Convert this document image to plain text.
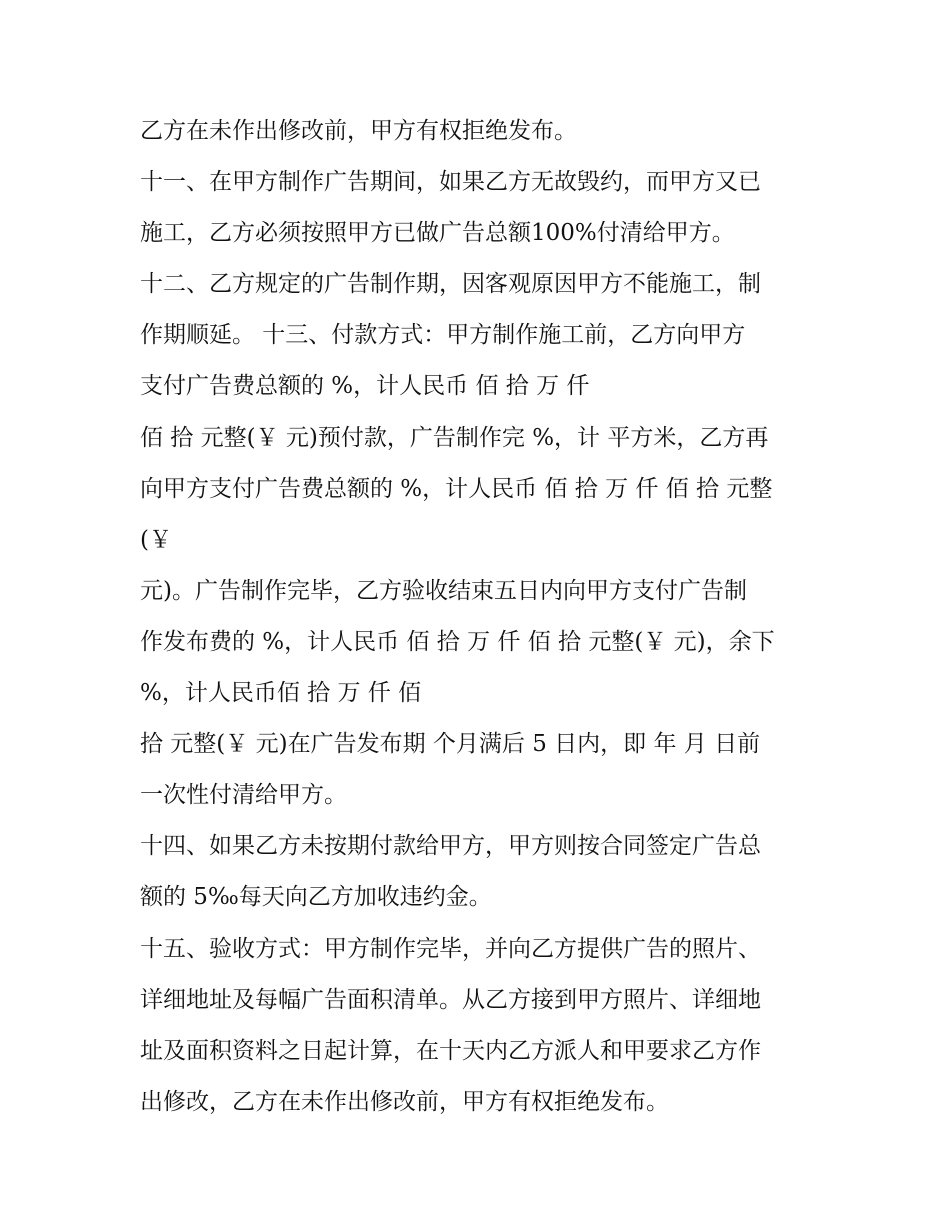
乙方在未作出修改前，甲方有权拒绝发布。
十一、在甲方制作广告期间，如果乙方无故毁约，而甲方又已
施工，乙方必须按照甲方已做广告总额100%付清给甲方。
十二、乙方规定的广告制作期，因客观原因甲方不能施工，制
作期顺延。 十三、付款方式：甲方制作施工前，乙方向甲方
支付广告费总额的 %，计人民币 佰 拾 万 仟
佰 拾 元整(￥ 元)预付款，广告制作完 %，计 平方米，乙方再
向甲方支付广告费总额的 %，计人民币 佰 拾 万 仟 佰 拾 元整
(￥
元)。广告制作完毕，乙方验收结束五日内向甲方支付广告制
作发布费的 %，计人民币 佰 拾 万 仟 佰 拾 元整(￥ 元)，余下
%，计人民币佰 拾 万 仟 佰
拾 元整(￥ 元)在广告发布期 个月满后 5 日内，即 年 月 日前
一次性付清给甲方。
十四、如果乙方未按期付款给甲方，甲方则按合同签定广告总
额的 5‰每天向乙方加收违约金。
十五、验收方式：甲方制作完毕，并向乙方提供广告的照片、
详细地址及每幅广告面积清单。从乙方接到甲方照片、详细地
址及面积资料之日起计算，在十天内乙方派人和甲要求乙方作
出修改，乙方在未作出修改前，甲方有权拒绝发布。
